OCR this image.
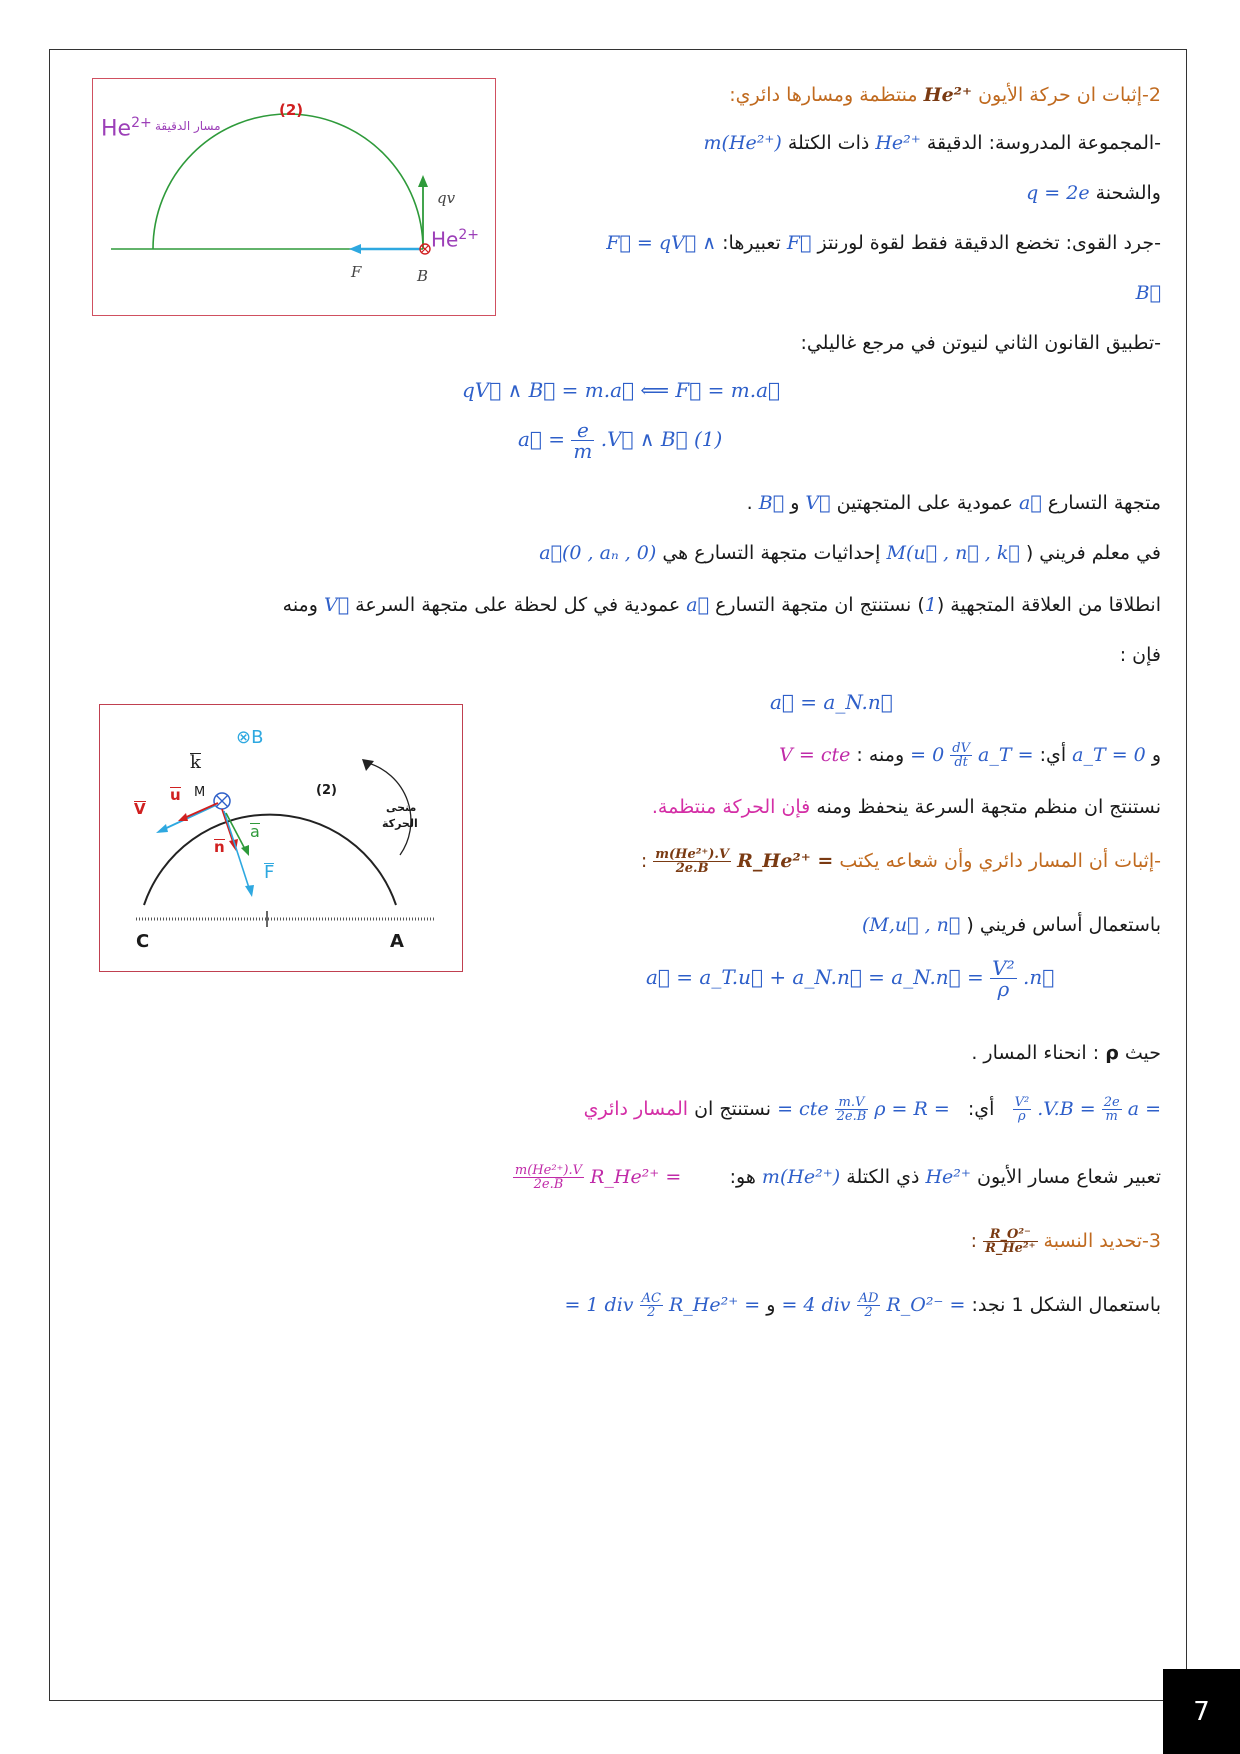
(2)
$He^{2+}$ مسار الدقيقة
qv
F	B
$He^{2+}$
⊗B
k
(2)
M
u
V
a
n
F
منحى
الحركة
C	A
2-إثبات ان حركة الأيون He²⁺ منتظمة ومسارها دائري:
-المجموعة المدروسة: الدقيقة He²⁺ ذات الكتلة m(He²⁺)
والشحنة q = 2e
-جرد القوى: تخضع الدقيقة فقط لقوة لورنتز F⃗ تعبيرها: F⃗ = qV⃗ ∧
B⃗
-تطبيق القانون الثاني لنيوتن في مرجع غاليلي:
qV⃗ ∧ B⃗ = m.a⃗ ⟸ F⃗ = m.a⃗
a⃗ = $\frac{e}{m}$ .V⃗ ∧ B⃗ (1)
متجهة التسارع a⃗ عمودية على المتجهتين V⃗ و B⃗ .
في معلم فريني ( M(u⃗ , n⃗ , k⃗ إحداثيات متجهة التسارع هي a⃗(0 , aₙ , 0)
انطلاقا من العلاقة المتجهية (1) نستنتج ان متجهة التسارع a⃗ عمودية في كل لحظة على متجهة السرعة V⃗ ومنه
فإن :
a⃗ = a_N.n⃗
و a_T = 0 أي: a_T =
$\frac{dV}{dt}$
= 0 ومنه : V = cte
نستنتج ان منظم متجهة السرعة ينحفظ ومنه فإن الحركة منتظمة.
-إثبات أن المسار دائري وأن شعاعه يكتب R_He²⁺ =
$\frac{\text{m(He²⁺).V}}{2e.B}$
:
باستعمال أساس فريني ( (M,u⃗ , n⃗
a⃗ = a_T.u⃗ + a_N.n⃗ = a_N.n⃗ = $\frac{\text{V²}}{\rho}$ .n⃗
حيث ρ : انحناء المسار .
a =
$\frac{2e}{m}$
.V.B =
$\frac{\text{V²}}{\rho}$
أي:   ρ = R =
$\frac{m.V}{2e.B}$
= cte نستنتج ان المسار دائري
تعبير شعاع مسار الأيون He²⁺ ذي الكتلة m(He²⁺) هو:        R_He²⁺ =
$\frac{\text{m(He²⁺).V}}{2e.B}$
3-تحديد النسبة
$\frac{\text{R\_O²⁻}}{\text{R\_He²⁺}}$
:
باستعمال الشكل 1 نجد: R_O²⁻ =
$\frac{AD}{2}$
= 4 div و R_He²⁺ =
$\frac{AC}{2}$
= 1 div
7
